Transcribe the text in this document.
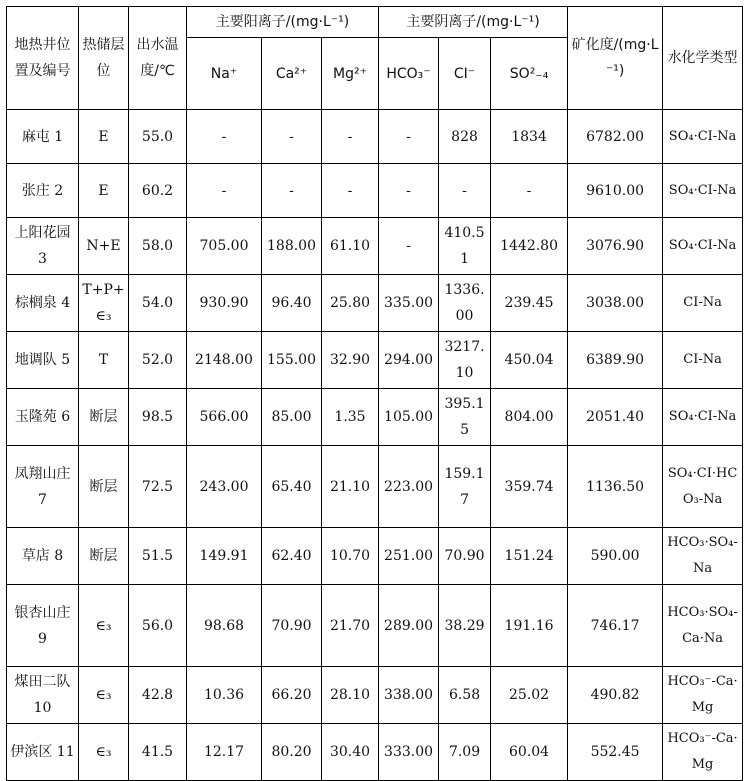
地热井位置及编号	热储层位	出水温度/℃	主要阳离子/(mg·L⁻¹)			主要阴离子/(mg·L⁻¹)			矿化度/(mg·L⁻¹)	水化学类型
			Na⁺	Ca²⁺	Mg²⁺	HCO₃⁻	CI⁻	SO²₋₄		
麻屯 1	E	55.0	-	-	-	-	828	1834	6782.00	SO₄·CI-Na
张庄 2	E	60.2	-	-	-	-	-	-	9610.00	SO₄·CI-Na
上阳花园 3	N+E	58.0	705.00	188.00	61.10	-	410.51	1442.80	3076.90	SO₄·CI-Na
棕榈泉 4	T+P+∈₃	54.0	930.90	96.40	25.80	335.00	1336.00	239.45	3038.00	CI-Na
地调队 5	T	52.0	2148.00	155.00	32.90	294.00	3217.10	450.04	6389.90	CI-Na
玉隆苑 6	断层	98.5	566.00	85.00	1.35	105.00	395.15	804.00	2051.40	SO₄·CI-Na
凤翔山庄 7	断层	72.5	243.00	65.40	21.10	223.00	159.17	359.74	1136.50	SO₄·CI·HCO₃-Na
草店 8	断层	51.5	149.91	62.40	10.70	251.00	70.90	151.24	590.00	HCO₃·SO₄-Na
银杏山庄 9	∈₃	56.0	98.68	70.90	21.70	289.00	38.29	191.16	746.17	HCO₃·SO₄-Ca·Na
煤田二队 10	∈₃	42.8	10.36	66.20	28.10	338.00	6.58	25.02	490.82	HCO₃⁻-Ca·Mg
伊滨区 11	∈₃	41.5	12.17	80.20	30.40	333.00	7.09	60.04	552.45	HCO₃⁻-Ca·Mg
